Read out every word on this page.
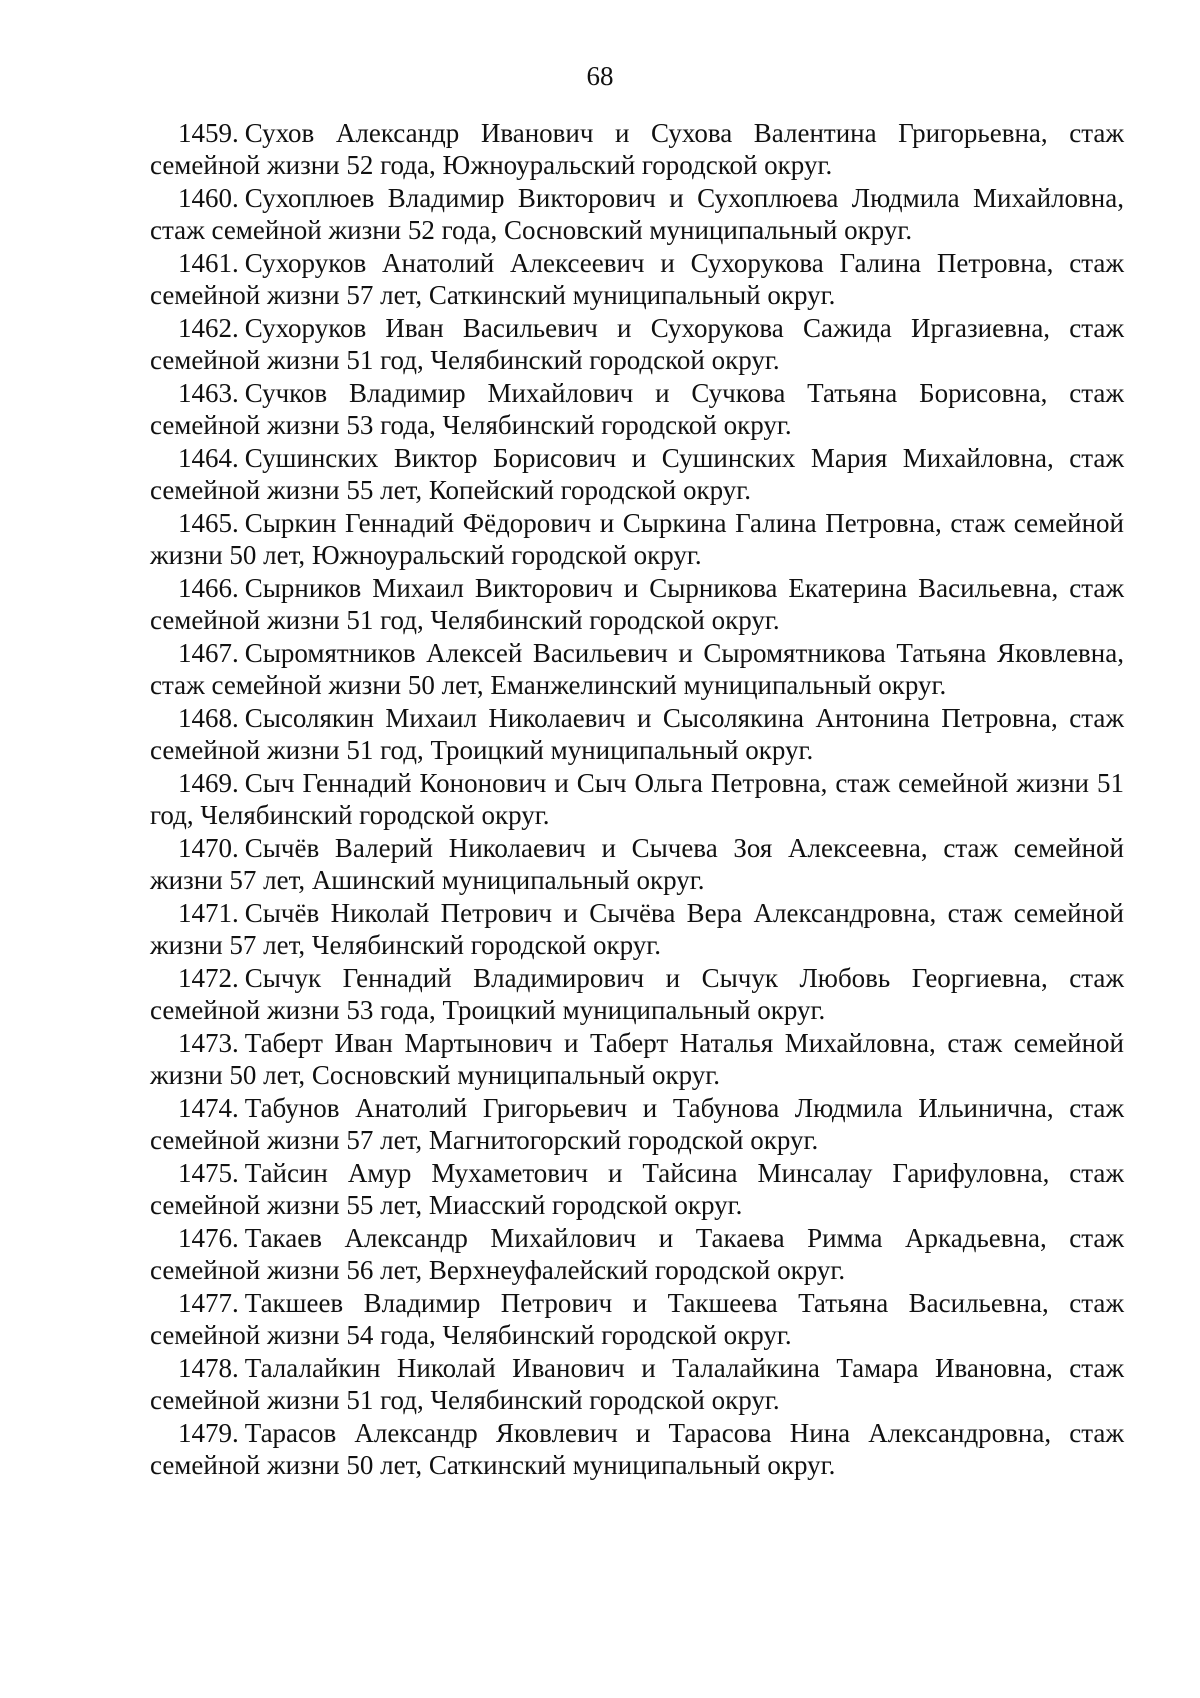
68
1459. Сухов Александр Иванович и Сухова Валентина Григорьевна, стаж семейной жизни 52 года, Южноуральский городской округ.
1460. Сухоплюев Владимир Викторович и Сухоплюева Людмила Михайловна, стаж семейной жизни 52 года, Сосновский муниципальный округ.
1461. Сухоруков Анатолий Алексеевич и Сухорукова Галина Петровна, стаж семейной жизни 57 лет, Саткинский муниципальный округ.
1462. Сухоруков Иван Васильевич и Сухорукова Сажида Иргазиевна, стаж семейной жизни 51 год, Челябинский городской округ.
1463. Сучков Владимир Михайлович и Сучкова Татьяна Борисовна, стаж семейной жизни 53 года, Челябинский городской округ.
1464. Сушинских Виктор Борисович и Сушинских Мария Михайловна, стаж семейной жизни 55 лет, Копейский городской округ.
1465. Сыркин Геннадий Фёдорович и Сыркина Галина Петровна, стаж семейной жизни 50 лет, Южноуральский городской округ.
1466. Сырников Михаил Викторович и Сырникова Екатерина Васильевна, стаж семейной жизни 51 год, Челябинский городской округ.
1467. Сыромятников Алексей Васильевич и Сыромятникова Татьяна Яковлевна, стаж семейной жизни 50 лет, Еманжелинский муниципальный округ.
1468. Сысолякин Михаил Николаевич и Сысолякина Антонина Петровна, стаж семейной жизни 51 год, Троицкий муниципальный округ.
1469. Сыч Геннадий Кононович и Сыч Ольга Петровна, стаж семейной жизни 51 год, Челябинский городской округ.
1470. Сычёв Валерий Николаевич и Сычева Зоя Алексеевна, стаж семейной жизни 57 лет, Ашинский муниципальный округ.
1471. Сычёв Николай Петрович и Сычёва Вера Александровна, стаж семейной жизни 57 лет, Челябинский городской округ.
1472. Сычук Геннадий Владимирович и Сычук Любовь Георгиевна, стаж семейной жизни 53 года, Троицкий муниципальный округ.
1473. Таберт Иван Мартынович и Таберт Наталья Михайловна, стаж семейной жизни 50 лет, Сосновский муниципальный округ.
1474. Табунов Анатолий Григорьевич и Табунова Людмила Ильинична, стаж семейной жизни 57 лет, Магнитогорский городской округ.
1475. Тайсин Амур Мухаметович и Тайсина Минсалау Гарифуловна, стаж семейной жизни 55 лет, Миасский городской округ.
1476. Такаев Александр Михайлович и Такаева Римма Аркадьевна, стаж семейной жизни 56 лет, Верхнеуфалейский городской округ.
1477. Такшеев Владимир Петрович и Такшеева Татьяна Васильевна, стаж семейной жизни 54 года, Челябинский городской округ.
1478. Талалайкин Николай Иванович и Талалайкина Тамара Ивановна, стаж семейной жизни 51 год, Челябинский городской округ.
1479. Тарасов Александр Яковлевич и Тарасова Нина Александровна, стаж семейной жизни 50 лет, Саткинский муниципальный округ.
